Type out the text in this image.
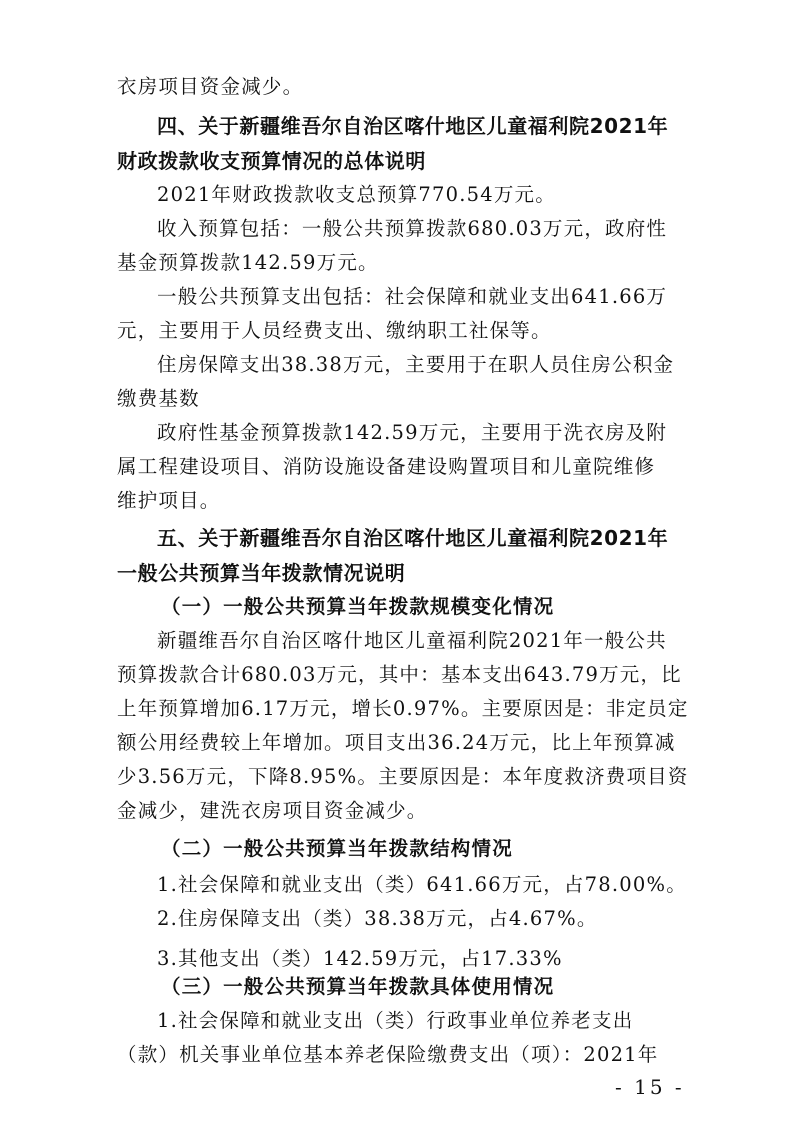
衣房项目资金减少。
四、关于新疆维吾尔自治区喀什地区儿童福利院2021年
财政拨款收支预算情况的总体说明
2021年财政拨款收支总预算770.54万元。
收入预算包括：一般公共预算拨款680.03万元，政府性
基金预算拨款142.59万元。
一般公共预算支出包括：社会保障和就业支出641.66万
元，主要用于人员经费支出、缴纳职工社保等。
住房保障支出38.38万元，主要用于在职人员住房公积金
缴费基数
政府性基金预算拨款142.59万元，主要用于洗衣房及附
属工程建设项目、消防设施设备建设购置项目和儿童院维修
维护项目。
五、关于新疆维吾尔自治区喀什地区儿童福利院2021年
一般公共预算当年拨款情况说明
（一）一般公共预算当年拨款规模变化情况
新疆维吾尔自治区喀什地区儿童福利院2021年一般公共
预算拨款合计680.03万元，其中：基本支出643.79万元，比
上年预算增加6.17万元，增长0.97%。主要原因是：非定员定
额公用经费较上年增加。项目支出36.24万元，比上年预算减
少3.56万元，下降8.95%。主要原因是：本年度救济费项目资
金减少，建洗衣房项目资金减少。
（二）一般公共预算当年拨款结构情况
1.社会保障和就业支出（类）641.66万元，占78.00%。
2.住房保障支出（类）38.38万元，占4.67%。
3.其他支出（类）142.59万元，占17.33%
（三）一般公共预算当年拨款具体使用情况
1.社会保障和就业支出（类）行政事业单位养老支出
（款）机关事业单位基本养老保险缴费支出（项）：2021年
- 15 -
